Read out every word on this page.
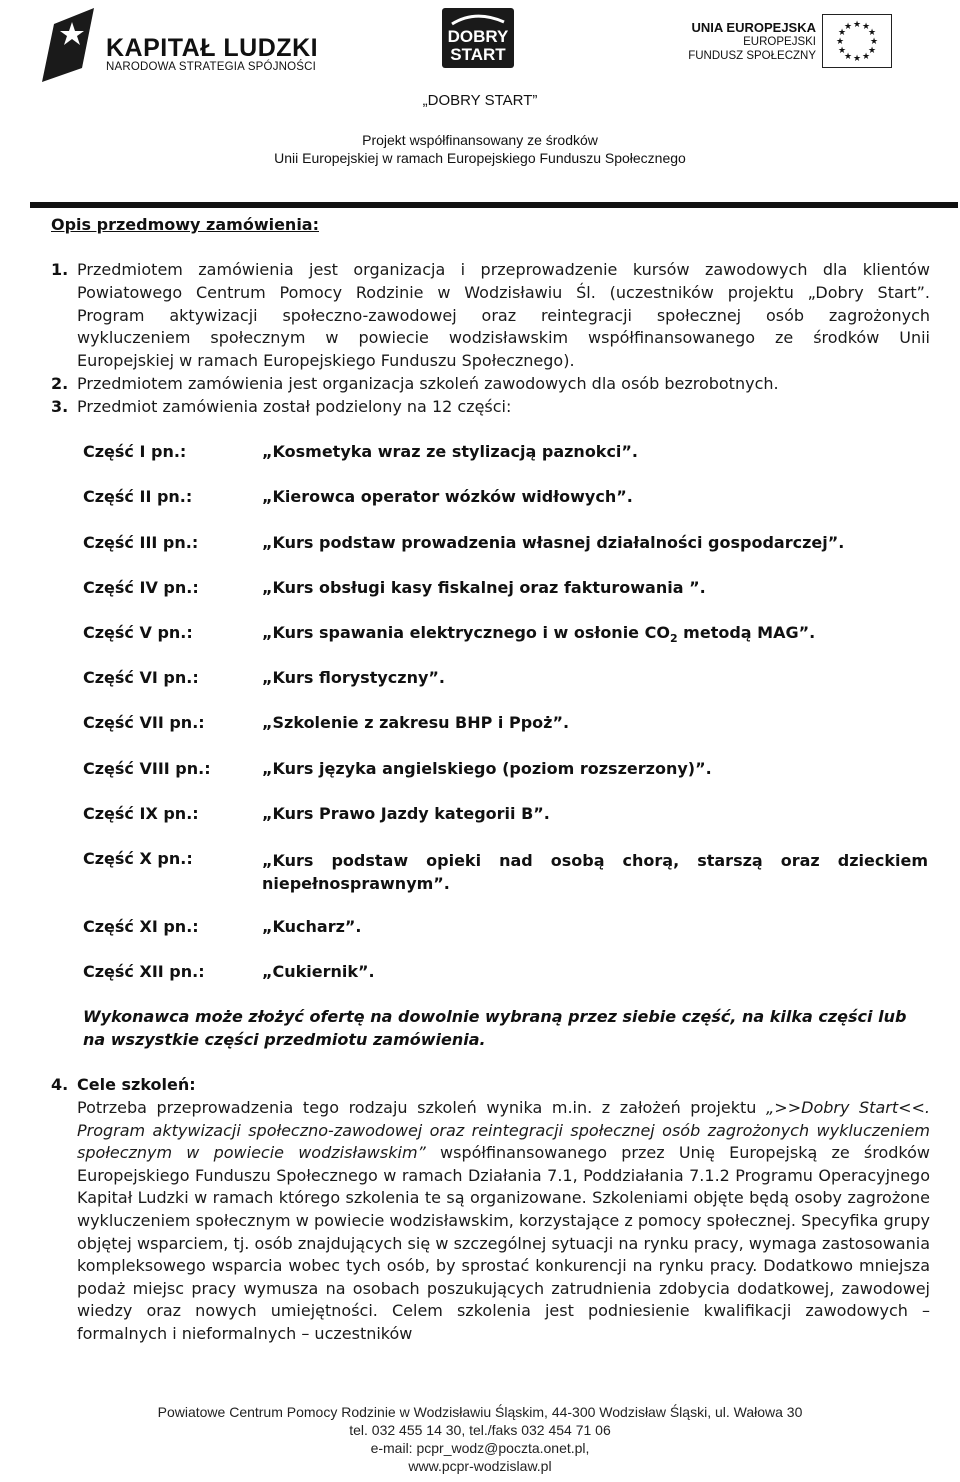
KAPITAŁ LUDZKI
NARODOWA STRATEGIA SPÓJNOŚCI
DOBRY
START
UNIA EUROPEJSKA
EUROPEJSKI
FUNDUSZ SPOŁECZNY
★ ★
★
★
★
★
★
★
★
★
★
★
„DOBRY START”
Projekt współfinansowany ze środków
Unii Europejskiej w ramach Europejskiego Funduszu Społecznego
Opis przedmowy zamówienia:
1. Przedmiotem zamówienia jest organizacja i przeprowadzenie kursów zawodowych dla klientów
Powiatowego Centrum Pomocy Rodzinie w Wodzisławiu Śl. (uczestników projektu „Dobry Start”.
Program aktywizacji społeczno-zawodowej oraz reintegracji społecznej osób zagrożonych
wykluczeniem społecznym w powiecie wodzisławskim współfinansowanego ze środków Unii
Europejskiej w ramach Europejskiego Funduszu Społecznego).
2. Przedmiotem zamówienia jest organizacja szkoleń zawodowych dla osób bezrobotnych.
3. Przedmiot zamówienia został podzielony na 12 części:
Część I pn.:	„Kosmetyka wraz ze stylizacją paznokci”.
Część II pn.:	„Kierowca operator wózków widłowych”.
Część III pn.:	„Kurs podstaw prowadzenia własnej działalności gospodarczej”.
Część IV pn.:	„Kurs obsługi kasy fiskalnej oraz fakturowania ”.
Część V pn.:	„Kurs spawania elektrycznego i w osłonie $CO_2$ metodą MAG”.
Część VI pn.:	„Kurs florystyczny”.
Część VII pn.:	„Szkolenie z zakresu BHP i Ppoż”.
Część VIII pn.:	„Kurs języka angielskiego (poziom rozszerzony)”.
Część IX pn.:	„Kurs Prawo Jazdy kategorii B”.
Część X pn.:	„Kurs podstaw opieki nad osobą chorą, starszą oraz dzieckiem niepełnosprawnym”.
Część XI pn.:	„Kucharz”.
Część XII pn.:	„Cukiernik”.
Wykonawca może złożyć ofertę na dowolnie wybraną przez siebie część, na kilka części lub na wszystkie części przedmiotu zamówienia.
4. Cele szkoleń:
Potrzeba przeprowadzenia tego rodzaju szkoleń wynika m.in. z założeń projektu „>>Dobry Start<<. Program aktywizacji społeczno-zawodowej oraz reintegracji społecznej osób zagrożonych wykluczeniem społecznym w powiecie wodzisławskim” współfinansowanego przez Unię Europejską ze środków Europejskiego Funduszu Społecznego w ramach Działania 7.1, Poddziałania 7.1.2 Programu Operacyjnego Kapitał Ludzki w ramach którego szkolenia te są organizowane. Szkoleniami objęte będą osoby zagrożone wykluczeniem społecznym w powiecie wodzisławskim, korzystające z pomocy społecznej. Specyfika grupy objętej wsparciem, tj. osób znajdujących się w szczególnej sytuacji na rynku pracy, wymaga zastosowania kompleksowego wsparcia wobec tych osób, by sprostać konkurencji na rynku pracy. Dodatkowo mniejsza podaż miejsc pracy wymusza na osobach poszukujących zatrudnienia zdobycia dodatkowej, zawodowej wiedzy oraz nowych umiejętności. Celem szkolenia jest podniesienie kwalifikacji zawodowych – formalnych i nieformalnych – uczestników
Powiatowe Centrum Pomocy Rodzinie w Wodzisławiu Śląskim, 44-300 Wodzisław Śląski, ul. Wałowa 30
tel. 032 455 14 30, tel./faks 032 454 71 06
e-mail: pcpr_wodz@poczta.onet.pl,
www.pcpr-wodzislaw.pl
